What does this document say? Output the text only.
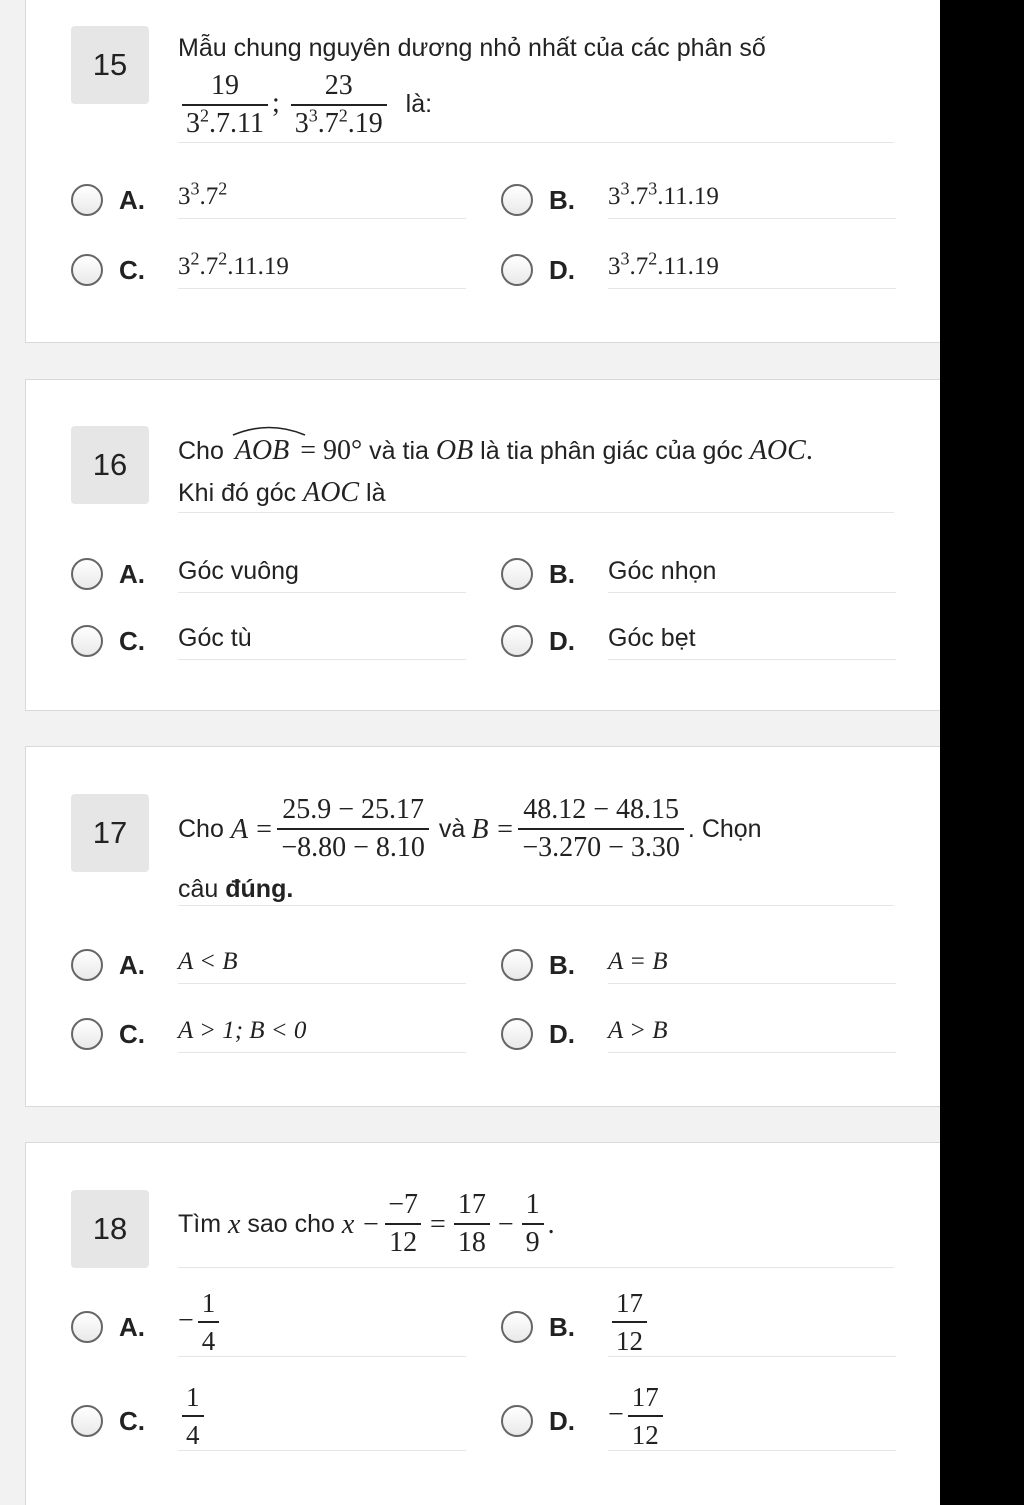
15	Mẫu chung nguyên dương nhỏ nhất của các phân số
$\frac{19}{3^2.7.11}$ ; $\frac{23}{3^3.7^2.19}$ là:
A. $3^3.7^2$	B. $3^3.7^3.11.19$
C. $3^2.7^2.11.19$	D. $3^3.7^2.11.19$
16	Cho AOB = 90° và tia OB là tia phân giác của góc AOC.
Khi đó góc AOC là
A. Góc vuông	B. Góc nhọn
C. Góc tù	D. Góc bẹt
17	Cho
$A = \frac{25.9 - 25.17}{-8.80 - 8.10}$ và $B = \frac{48.12 - 48.15}{-3.270 - 3.30}$ . Chọn
câu đúng.
A. A < B	B. A = B
C. A > 1; B < 0	D. A > B
18	Tìm
x
sao cho
$x - \frac{-7}{12} = \frac{17}{18} - \frac{1}{9}$ .
A. − $\frac{1}{4}$	B. $\frac{17}{12}$
C. $\frac{1}{4}$	D. − $\frac{17}{12}$
